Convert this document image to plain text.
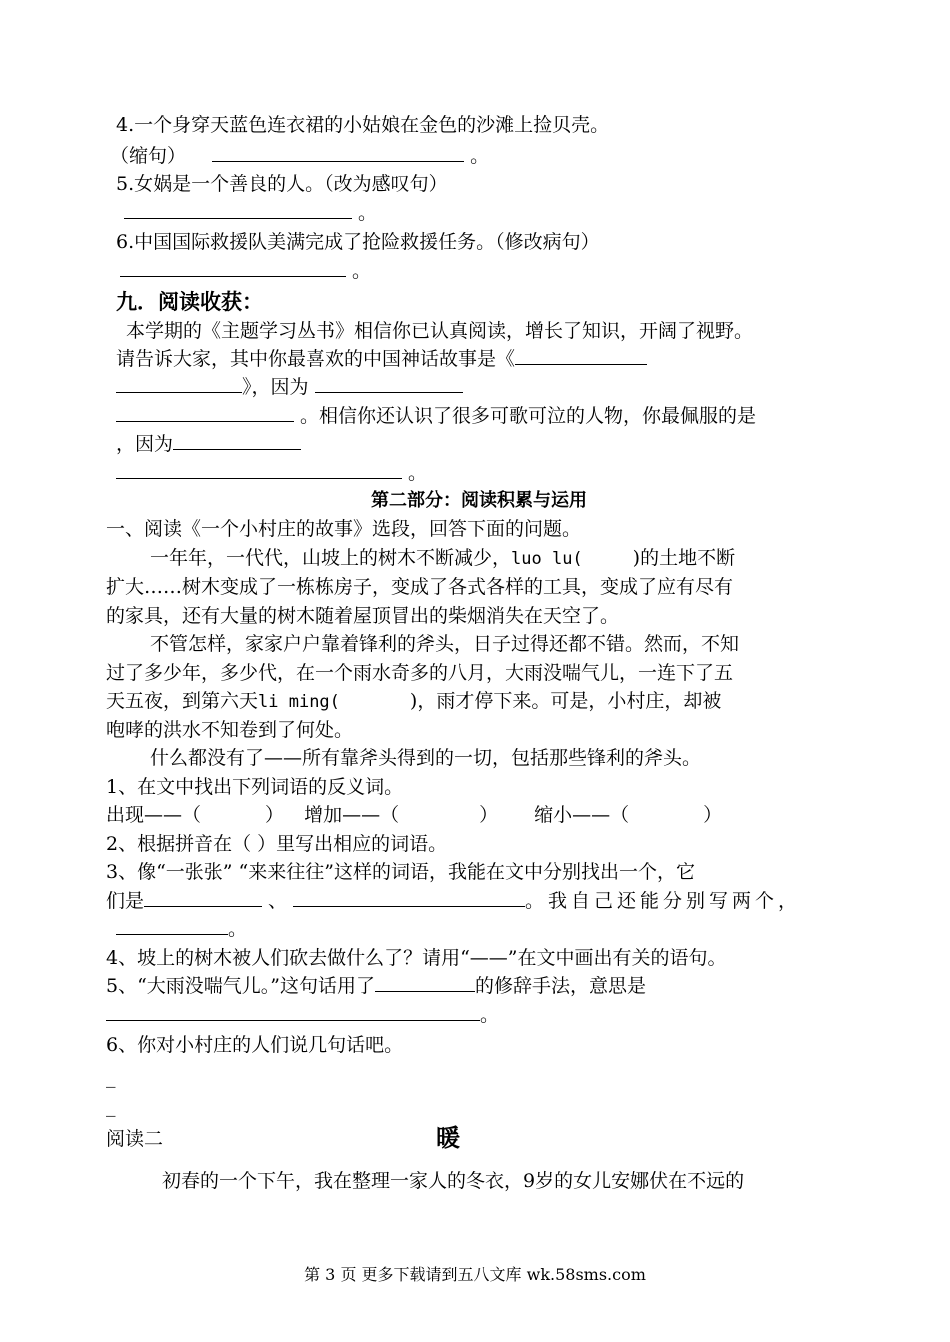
4.一个身穿天蓝色连衣裙的小姑娘在金色的沙滩上捡贝壳。
（缩句）	。
5.女娲是一个善良的人。（改为感叹句）
。
6.中国国际救援队美满完成了抢险救援任务。（修改病句）
。
九．阅读收获：
本学期的《主题学习丛书》相信你已认真阅读，增长了知识，开阔了视野。
请告诉大家，其中你最喜欢的中国神话故事是《
》，因为
。相信你还认识了很多可歌可泣的人物，你最佩服的是
，因为
。
第二部分：阅读积累与运用
一、阅读《一个小村庄的故事》选段，回答下面的问题。
一年年，一代代，山坡上的树木不断减少，luo lu(	)的土地不断
扩大……树木变成了一栋栋房子，变成了各式各样的工具，变成了应有尽有
的家具，还有大量的树木随着屋顶冒出的柴烟消失在天空了。
不管怎样，家家户户靠着锋利的斧头，日子过得还都不错。然而，不知
过了多少年，多少代，在一个雨水奇多的八月，大雨没喘气儿，一连下了五
天五夜，到第六天li ming(	)，雨才停下来。可是，小村庄，却被
咆哮的洪水不知卷到了何处。
什么都没有了——所有靠斧头得到的一切，包括那些锋利的斧头。
1、在文中找出下列词语的反义词。
出现——（	） 增加——（	） 缩小——（	）
2、根据拼音在（ ）里写出相应的词语。
3、像“一张张” “来来往往”这样的词语，我能在文中分别找出一个，它
们是	、	。我自己还能分别写两个，
。
4、坡上的树木被人们砍去做什么了？请用“——”在文中画出有关的语句。
5、“大雨没喘气儿。”这句话用了	的修辞手法，意思是
。
6、你对小村庄的人们说几句话吧。
_
_
阅读二	暖
初春的一个下午，我在整理一家人的冬衣，9岁的女儿安娜伏在不远的
第 3 页 更多下载请到五八文库 wk.58sms.com
